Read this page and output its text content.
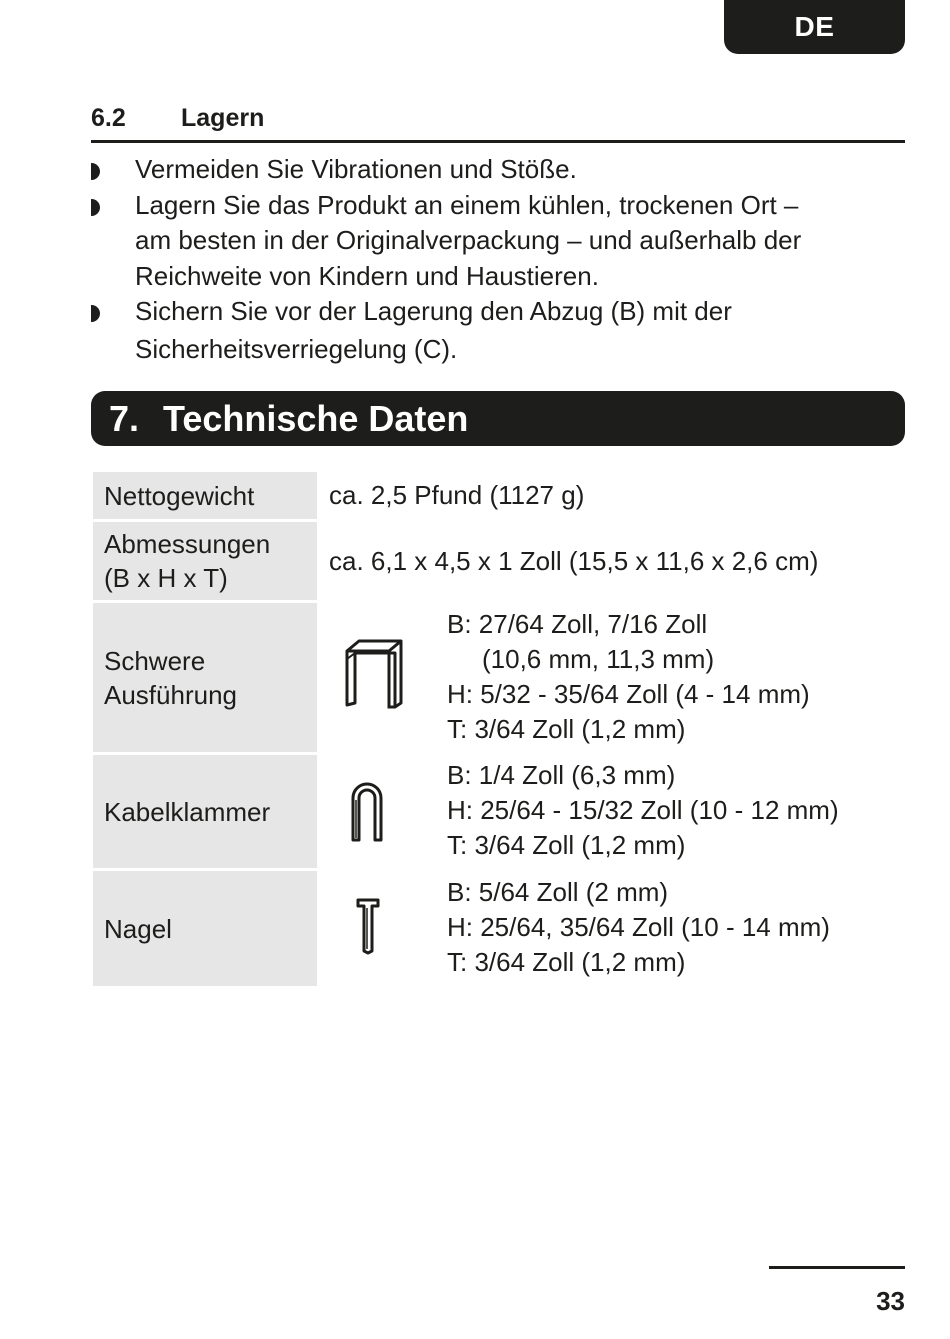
DE
6.2 Lagern
Vermeiden Sie Vibrationen und Stöße.
Lagern Sie das Produkt an einem kühlen, trockenen Ort –
am besten in der Originalverpackung – und außerhalb der
Reichweite von Kindern und Haustieren.
Sichern Sie vor der Lagerung den Abzug (B) mit der
Sicherheitsverriegelung (C).
7. Technische Daten
Nettogewicht	ca. 2,5 Pfund (1127 g)
Abmessungen
(B x H x T)
ca. 6,1 x 4,5 x 1 Zoll (15,5 x 11,6 x 2,6 cm)
Schwere
Ausführung
B: 27/64 Zoll, 7/16 Zoll
(10,6 mm, 11,3 mm)
H: 5/32 - 35/64 Zoll (4 - 14 mm)
T: 3/64 Zoll (1,2 mm)
Kabelklammer
B: 1/4 Zoll (6,3 mm)
H: 25/64 - 15/32 Zoll (10 - 12 mm)
T: 3/64 Zoll (1,2 mm)
Nagel
B: 5/64 Zoll (2 mm)
H: 25/64, 35/64 Zoll (10 - 14 mm)
T: 3/64 Zoll (1,2 mm)
33
